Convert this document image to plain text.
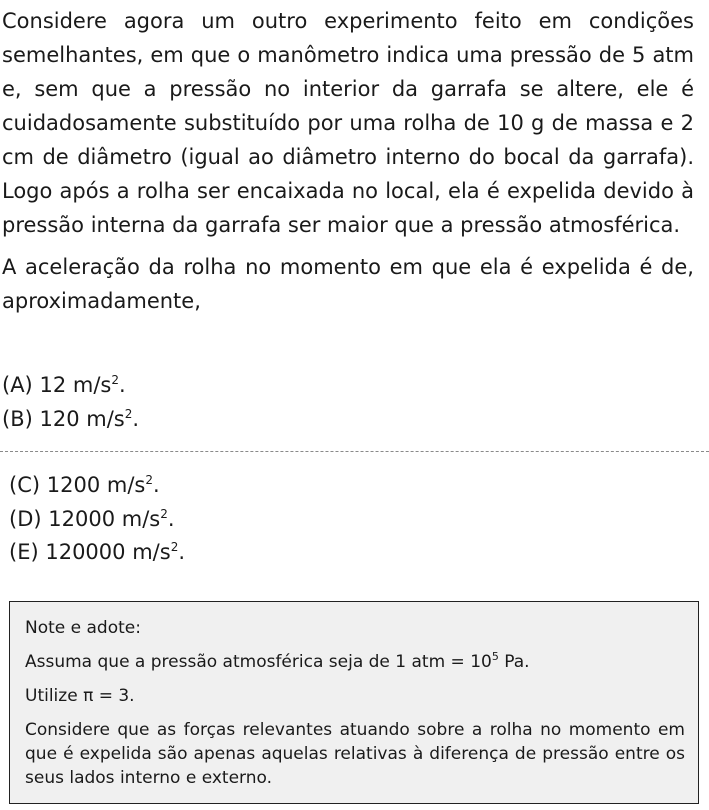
Considere agora um outro experimento feito em condições semelhantes, em que o manômetro indica uma pressão de 5 atm e, sem que a pressão no interior da garrafa se altere, ele é cuidadosamente substituído por uma rolha de 10 g de massa e 2 cm de diâmetro (igual ao diâmetro interno do bocal da garrafa). Logo após a rolha ser encaixada no local, ela é expelida devido à pressão interna da garrafa ser maior que a pressão atmosférica.

A aceleração da rolha no momento em que ela é expelida é de, aproximadamente,

(A) 12 $m/s^2$.
(B) 120 $m/s^2$.
(C) 1200 $m/s^2$.
(D) 12000 $m/s^2$.
(E) 120000 $m/s^2$.

Note e adote:

Assuma que a pressão atmosférica seja de 1 atm = $10^5$ Pa.

Utilize π = 3.

Considere que as forças relevantes atuando sobre a rolha no momento em que é expelida são apenas aquelas relativas à diferença de pressão entre os seus lados interno e externo.
